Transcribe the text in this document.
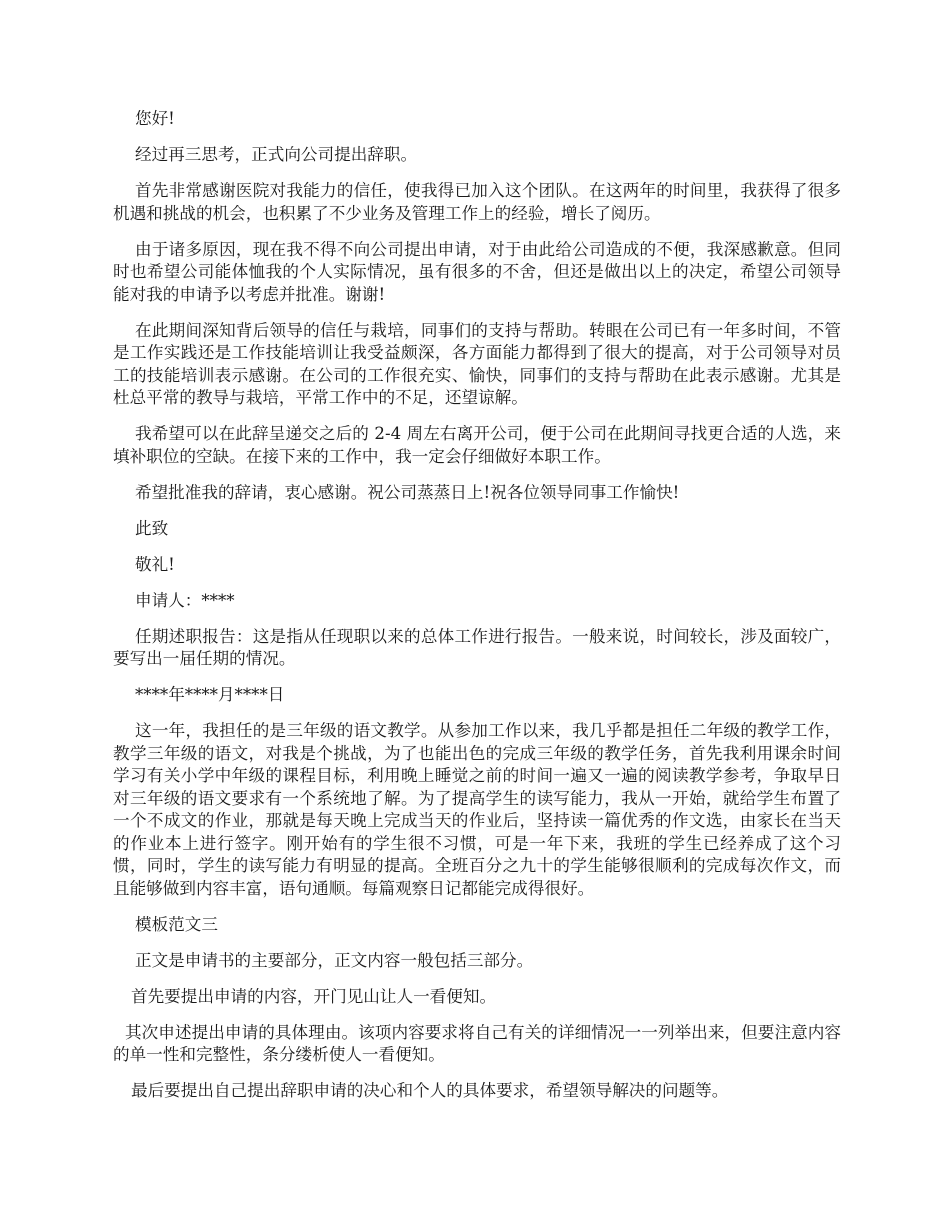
您好!

经过再三思考，正式向公司提出辞职。

首先非常感谢医院对我能力的信任，使我得已加入这个团队。在这两年的时间里，我获得了很多机遇和挑战的机会，也积累了不少业务及管理工作上的经验，增长了阅历。

由于诸多原因，现在我不得不向公司提出申请，对于由此给公司造成的不便，我深感歉意。但同时也希望公司能体恤我的个人实际情况，虽有很多的不舍，但还是做出以上的决定，希望公司领导能对我的申请予以考虑并批准。谢谢!

在此期间深知背后领导的信任与栽培，同事们的支持与帮助。转眼在公司已有一年多时间，不管是工作实践还是工作技能培训让我受益颇深，各方面能力都得到了很大的提高，对于公司领导对员工的技能培训表示感谢。在公司的工作很充实、愉快，同事们的支持与帮助在此表示感谢。尤其是杜总平常的教导与栽培，平常工作中的不足，还望谅解。

我希望可以在此辞呈递交之后的 2-4 周左右离开公司，便于公司在此期间寻找更合适的人选，来填补职位的空缺。在接下来的工作中，我一定会仔细做好本职工作。

希望批准我的辞请，衷心感谢。祝公司蒸蒸日上!祝各位领导同事工作愉快!

此致

敬礼!

申请人：****

任期述职报告：这是指从任现职以来的总体工作进行报告。一般来说，时间较长，涉及面较广，要写出一届任期的情况。

****年****月****日

这一年，我担任的是三年级的语文教学。从参加工作以来，我几乎都是担任二年级的教学工作，教学三年级的语文，对我是个挑战，为了也能出色的完成三年级的教学任务，首先我利用课余时间学习有关小学中年级的课程目标，利用晚上睡觉之前的时间一遍又一遍的阅读教学参考，争取早日对三年级的语文要求有一个系统地了解。为了提高学生的读写能力，我从一开始，就给学生布置了一个不成文的作业，那就是每天晚上完成当天的作业后，坚持读一篇优秀的作文选，由家长在当天的作业本上进行签字。刚开始有的学生很不习惯，可是一年下来，我班的学生已经养成了这个习惯，同时，学生的读写能力有明显的提高。全班百分之九十的学生能够很顺利的完成每次作文，而且能够做到内容丰富，语句通顺。每篇观察日记都能完成得很好。

模板范文三

正文是申请书的主要部分，正文内容一般包括三部分。

首先要提出申请的内容，开门见山让人一看便知。

其次申述提出申请的具体理由。该项内容要求将自己有关的详细情况一一列举出来，但要注意内容的单一性和完整性，条分缕析使人一看便知。

最后要提出自己提出辞职申请的决心和个人的具体要求，希望领导解决的问题等。
